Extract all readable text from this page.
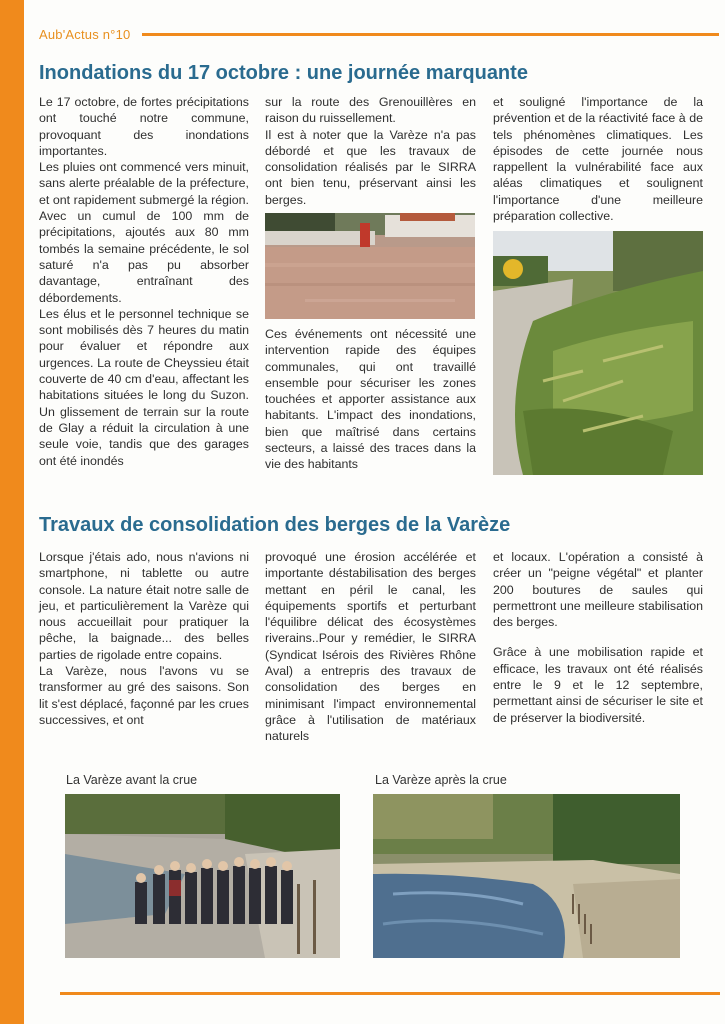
Aub'Actus n°10
Inondations du 17 octobre : une journée marquante

Le 17 octobre, de fortes précipitations ont touché notre commune, provoquant des inondations importantes.

Les pluies ont commencé vers minuit, sans alerte préalable de la préfecture, et ont rapidement submergé la région. Avec un cumul de 100 mm de précipitations, ajoutés aux 80 mm tombés la semaine précédente, le sol saturé n'a pas pu absorber davantage, entraînant des débordements.

Les élus et le personnel technique se sont mobilisés dès 7 heures du matin pour évaluer et répondre aux urgences. La route de Cheyssieu était couverte de 40 cm d'eau, affectant les habitations situées le long du Suzon. Un glissement de terrain sur la route de Glay a réduit la circulation à une seule voie, tandis que des garages ont été inondés

sur la route des Grenouillères en raison du ruissellement.

Il est à noter que la Varèze n'a pas débordé et que les travaux de consolidation réalisés par le SIRRA ont bien tenu, préservant ainsi les berges.

Ces événements ont nécessité une intervention rapide des équipes communales, qui ont travaillé ensemble pour sécuriser les zones touchées et apporter assistance aux habitants. L'impact des inondations, bien que maîtrisé dans certains secteurs, a laissé des traces dans la vie des habitants

et souligné l'importance de la prévention et de la réactivité face à de tels phénomènes climatiques. Les épisodes de cette journée nous rappellent la vulnérabilité face aux aléas climatiques et soulignent l'importance d'une meilleure préparation collective.

Travaux de consolidation des berges de la Varèze

Lorsque j'étais ado, nous n'avions ni smartphone, ni tablette ou autre console. La nature était notre salle de jeu, et particulièrement la Varèze qui nous accueillait pour pratiquer la pêche, la baignade... des belles parties de rigolade entre copains.

La Varèze, nous l'avons vu se transformer au gré des saisons. Son lit s'est déplacé, façonné par les crues successives, et ont

provoqué une érosion accélérée et importante déstabilisation des berges mettant en péril le canal, les équipements sportifs et perturbant l'équilibre délicat des écosystèmes riverains..Pour y remédier, le SIRRA (Syndicat Isérois des Rivières Rhône Aval) a entrepris des travaux de consolidation des berges en minimisant l'impact environnemental grâce à l'utilisation de matériaux naturels

et locaux. L'opération a consisté à créer un "peigne végétal" et planter 200 boutures de saules qui permettront une meilleure stabilisation des berges.

Grâce à une mobilisation rapide et efficace, les travaux ont été réalisés entre le 9 et le 12 septembre, permettant ainsi de sécuriser le site et de préserver la biodiversité.

La Varèze avant la crue	La Varèze après la crue
